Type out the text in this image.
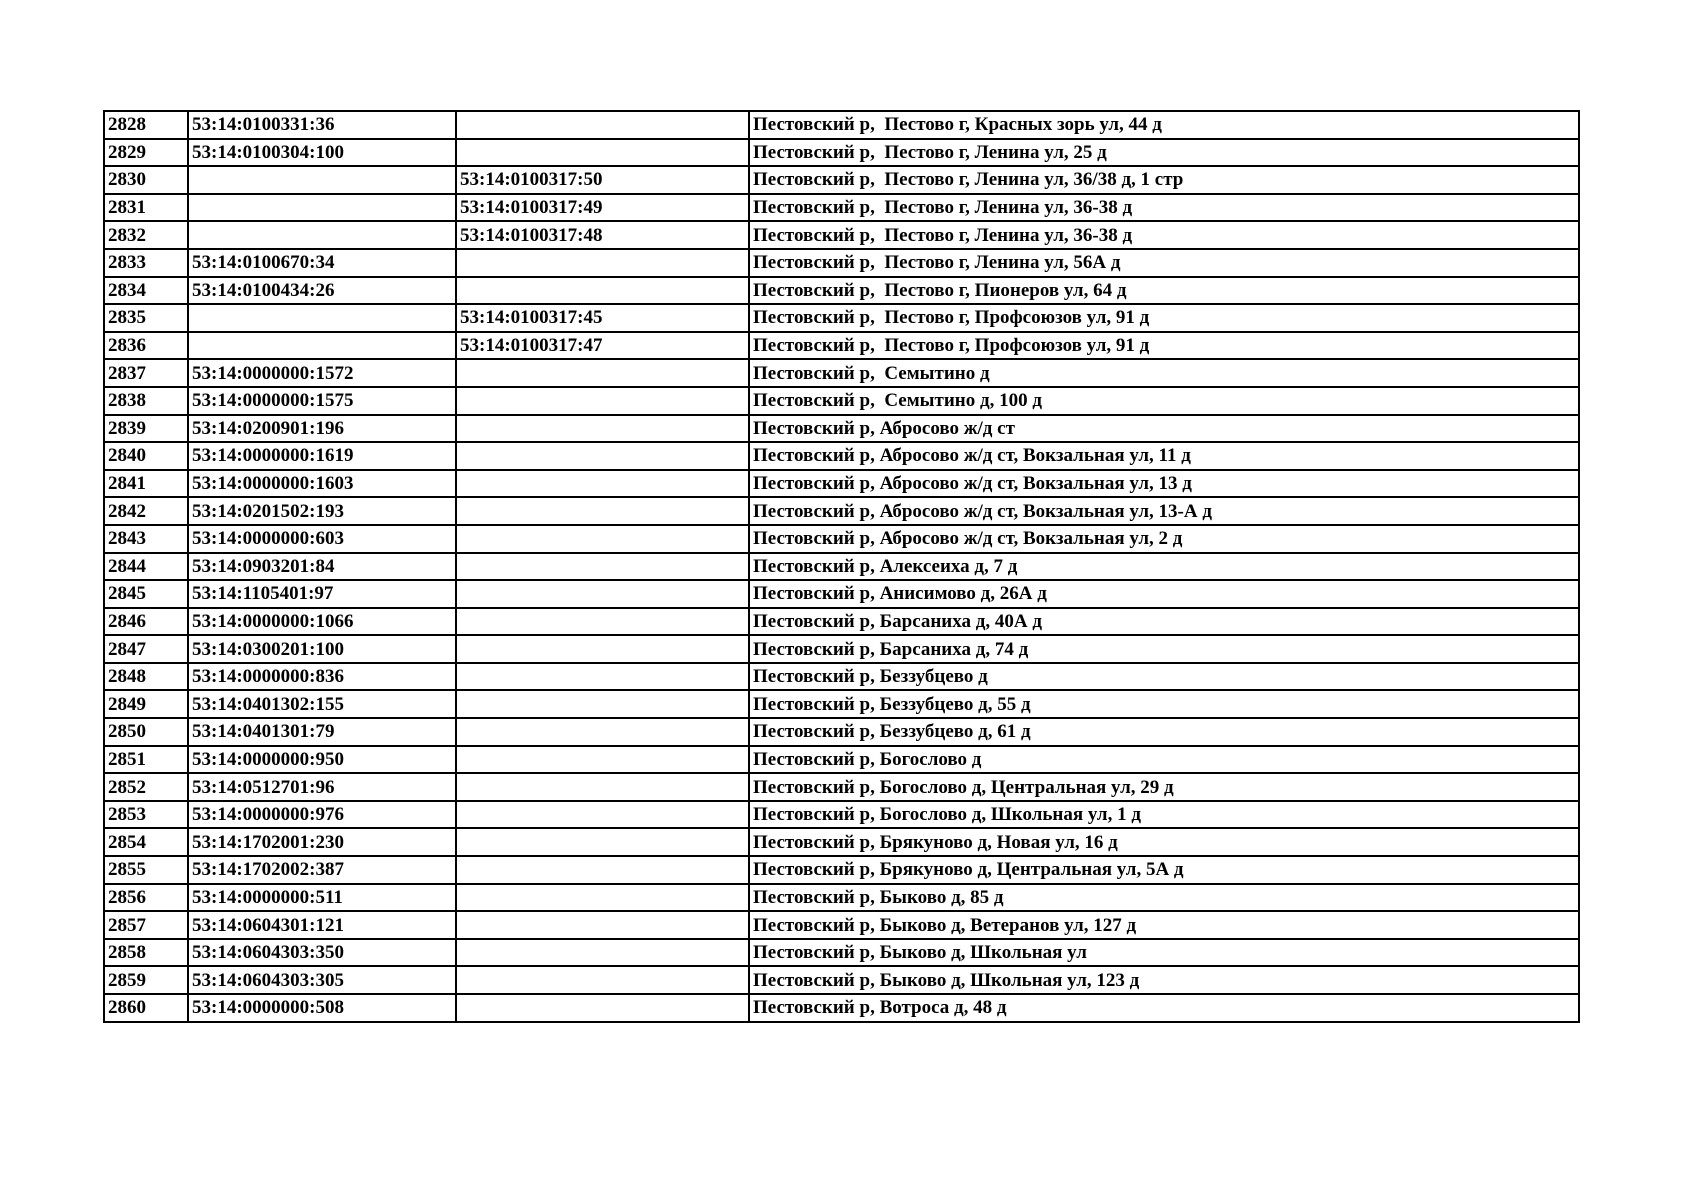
2828	53:14:0100331:36		Пестовский р,  Пестово г, Красных зорь ул, 44 д
2829	53:14:0100304:100		Пестовский р,  Пестово г, Ленина ул, 25 д
2830		53:14:0100317:50	Пестовский р,  Пестово г, Ленина ул, 36/38 д, 1 стр
2831		53:14:0100317:49	Пестовский р,  Пестово г, Ленина ул, 36-38 д
2832		53:14:0100317:48	Пестовский р,  Пестово г, Ленина ул, 36-38 д
2833	53:14:0100670:34		Пестовский р,  Пестово г, Ленина ул, 56А д
2834	53:14:0100434:26		Пестовский р,  Пестово г, Пионеров ул, 64 д
2835		53:14:0100317:45	Пестовский р,  Пестово г, Профсоюзов ул, 91 д
2836		53:14:0100317:47	Пестовский р,  Пестово г, Профсоюзов ул, 91 д
2837	53:14:0000000:1572		Пестовский р,  Семытино д
2838	53:14:0000000:1575		Пестовский р,  Семытино д, 100 д
2839	53:14:0200901:196		Пестовский р, Абросово ж/д ст
2840	53:14:0000000:1619		Пестовский р, Абросово ж/д ст, Вокзальная ул, 11 д
2841	53:14:0000000:1603		Пестовский р, Абросово ж/д ст, Вокзальная ул, 13 д
2842	53:14:0201502:193		Пестовский р, Абросово ж/д ст, Вокзальная ул, 13-А д
2843	53:14:0000000:603		Пестовский р, Абросово ж/д ст, Вокзальная ул, 2 д
2844	53:14:0903201:84		Пестовский р, Алексеиха д, 7 д
2845	53:14:1105401:97		Пестовский р, Анисимово д, 26А д
2846	53:14:0000000:1066		Пестовский р, Барсаниха д, 40А д
2847	53:14:0300201:100		Пестовский р, Барсаниха д, 74 д
2848	53:14:0000000:836		Пестовский р, Беззубцево д
2849	53:14:0401302:155		Пестовский р, Беззубцево д, 55 д
2850	53:14:0401301:79		Пестовский р, Беззубцево д, 61 д
2851	53:14:0000000:950		Пестовский р, Богослово д
2852	53:14:0512701:96		Пестовский р, Богослово д, Центральная ул, 29 д
2853	53:14:0000000:976		Пестовский р, Богослово д, Школьная ул, 1 д
2854	53:14:1702001:230		Пестовский р, Брякуново д, Новая ул, 16 д
2855	53:14:1702002:387		Пестовский р, Брякуново д, Центральная ул, 5А д
2856	53:14:0000000:511		Пестовский р, Быково д, 85 д
2857	53:14:0604301:121		Пестовский р, Быково д, Ветеранов ул, 127 д
2858	53:14:0604303:350		Пестовский р, Быково д, Школьная ул
2859	53:14:0604303:305		Пестовский р, Быково д, Школьная ул, 123 д
2860	53:14:0000000:508		Пестовский р, Вотроса д, 48 д
